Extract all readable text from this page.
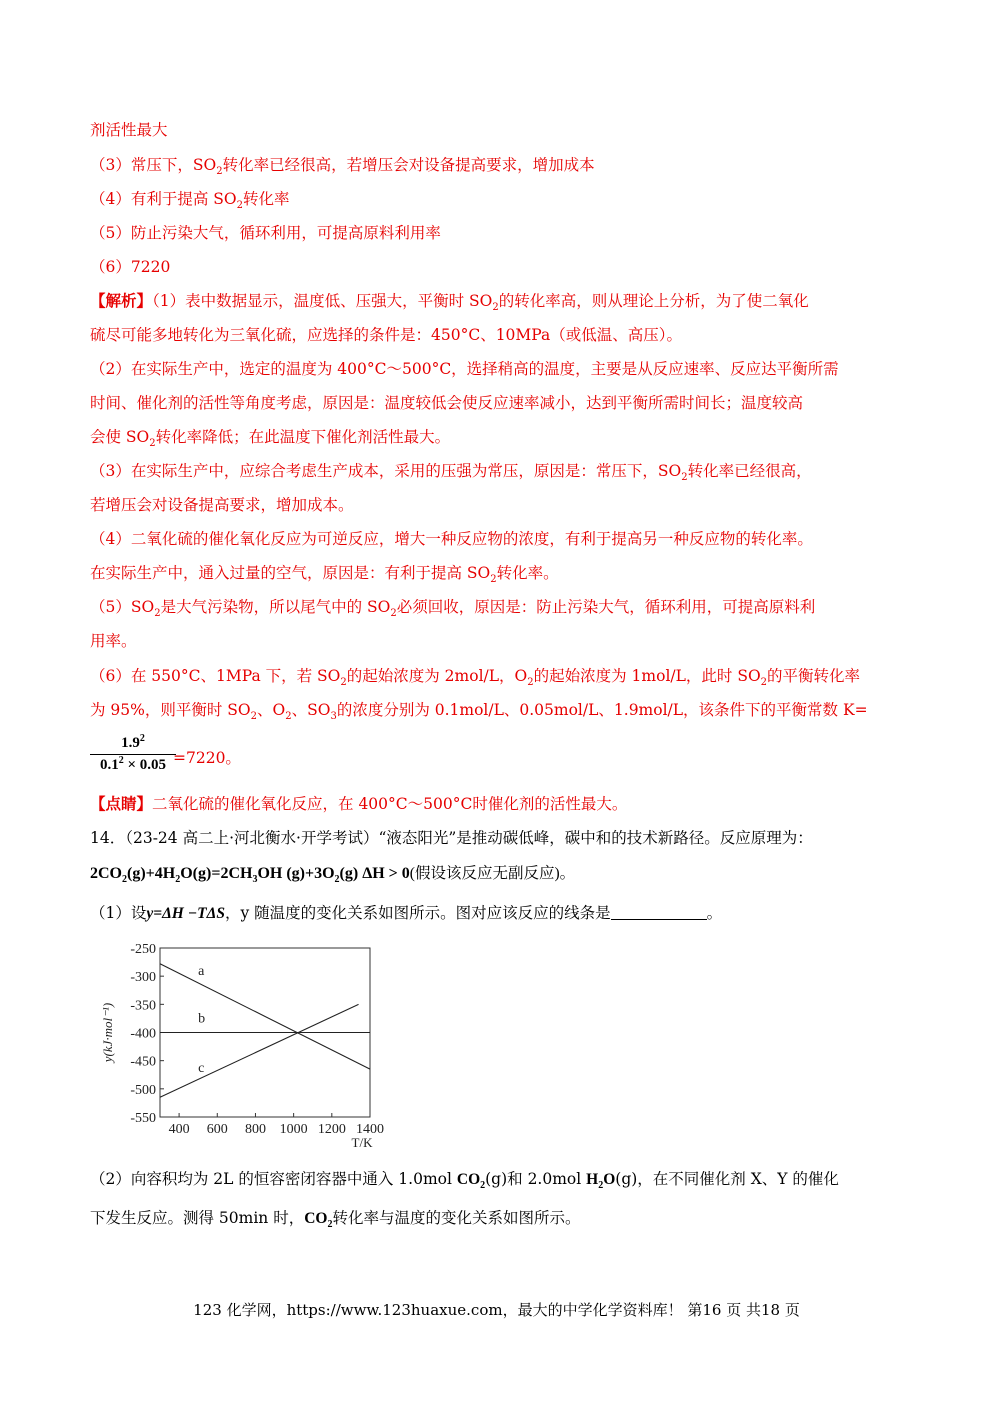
剂活性最大
（3）常压下，$SO_2$转化率已经很高，若增压会对设备提高要求，增加成本
（4）有利于提高 $SO_2$转化率
（5）防止污染大气，循环利用，可提高原料利用率
（6）7220
【解析】（1）表中数据显示，温度低、压强大，平衡时 $SO_2$的转化率高，则从理论上分析，为了使二氧化
硫尽可能多地转化为三氧化硫，应选择的条件是：450°C、10MPa（或低温、高压）。
（2）在实际生产中，选定的温度为 400°C～500°C，选择稍高的温度，主要是从反应速率、反应达平衡所需
时间、催化剂的活性等角度考虑，原因是：温度较低会使反应速率减小，达到平衡所需时间长；温度较高
会使 $SO_2$转化率降低；在此温度下催化剂活性最大。
（3）在实际生产中，应综合考虑生产成本，采用的压强为常压，原因是：常压下，$SO_2$转化率已经很高，
若增压会对设备提高要求，增加成本。
（4）二氧化硫的催化氧化反应为可逆反应，增大一种反应物的浓度，有利于提高另一种反应物的转化率。
在实际生产中，通入过量的空气，原因是：有利于提高 $SO_2$转化率。
$(5)SO_2$是大气污染物，所以尾气中的 $SO_2$必须回收，原因是：防止污染大气，循环利用，可提高原料利
用率。
（6）在 550°C、1MPa 下，若 $SO_2$的起始浓度为 2mol/L，$O_2$的起始浓度为 1mol/L，此时 $SO_2$的平衡转化率
为 95%，则平衡时 $SO_2$、$O_2$、$SO_3$的浓度分别为 0.1mol/L、0.05mol/L、1.9mol/L，该条件下的平衡常数 K=
$1.9^2$
$0.1^2 \times 0.05 =7220$。
【点睛】二氧化硫的催化氧化反应，在 400°C～500°C时催化剂的活性最大。
14．（23-24 高二上·河北衡水·开学考试）“液态阳光”是推动碳低峰，碳中和的技术新路径。反应原理为：
$2CO_2(g)+4H_2O(g)=2CH_3OH$ $(g)+3O_2(g) \Delta H > 0$(假设该反应无副反应)。
（1）设y=ΔH −TΔS，y 随温度的变化关系如图所示。图对应该反应的线条是	。
-250
-300
-350
-400
-450
-500
-550
400 600 800 1000 1200 1400
y(kJ·mol⁻¹)
T/K
a
b
c
（2）向容积均为 2L 的恒容密闭容器中通入 1.0mol $CO_2(g)$和 2.0mol $H_2O(g)$，在不同催化剂 X、Y 的催化
下发生反应。测得 50min 时，$CO_2$转化率与温度的变化关系如图所示。
123 化学网，https://www.123huaxue.com，最大的中学化学资料库！ 第16 页 共18 页
